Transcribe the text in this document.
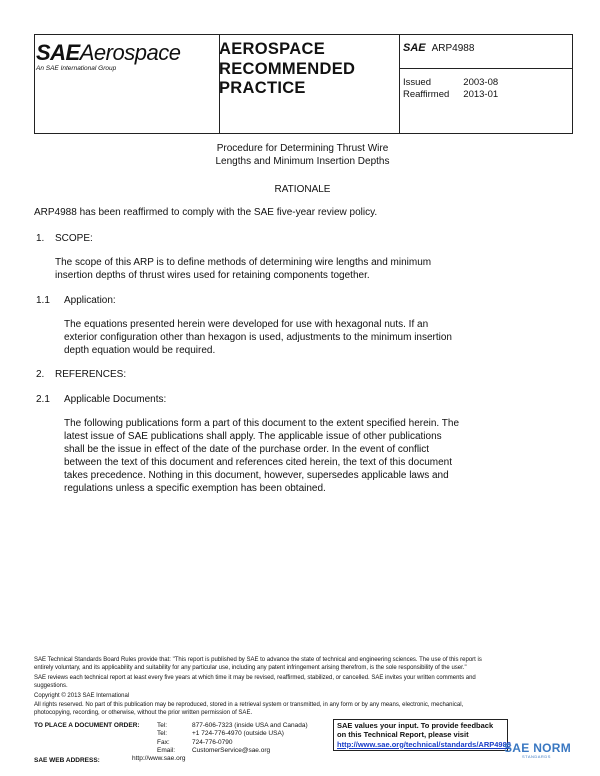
SAEAerospace
An SAE International Group
AEROSPACE
RECOMMENDED
PRACTICE
SAE ARP4988
Issued	2003-08
Reaffirmed	2013-01
Procedure for Determining Thrust Wire
Lengths and Minimum Insertion Depths
RATIONALE
ARP4988 has been reaffirmed to comply with the SAE five-year review policy.
1. SCOPE:
The scope of this ARP is to define methods of determining wire lengths and minimum
insertion depths of thrust wires used for retaining components together.
1.1 Application:
The equations presented herein were developed for use with hexagonal nuts. If an
exterior configuration other than hexagon is used, adjustments to the minimum insertion
depth equation would be required.
2. REFERENCES:
2.1 Applicable Documents:
The following publications form a part of this document to the extent specified herein. The
latest issue of SAE publications shall apply. The applicable issue of other publications
shall be the issue in effect of the date of the purchase order. In the event of conflict
between the text of this document and references cited herein, the text of this document
takes precedence. Nothing in this document, however, supersedes applicable laws and
regulations unless a specific exemption has been obtained.
SAE Technical Standards Board Rules provide that: "This report is published by SAE to advance the state of technical and engineering sciences. The use of this report is
entirely voluntary, and its applicability and suitability for any particular use, including any patent infringement arising therefrom, is the sole responsibility of the user."
SAE reviews each technical report at least every five years at which time it may be revised, reaffirmed, stabilized, or cancelled. SAE invites your written comments and
suggestions.
Copyright © 2013 SAE International
All rights reserved. No part of this publication may be reproduced, stored in a retrieval system or transmitted, in any form or by any means, electronic, mechanical,
photocopying, recording, or otherwise, without the prior written permission of SAE.
TO PLACE A DOCUMENT ORDER:	Tel:	877-606-7323 (inside USA and Canada)
	Tel:	+1 724-776-4970 (outside USA)
	Fax:	724-776-0790
	Email:	CustomerService@sae.org
SAE WEB ADDRESS:	http://www.sae.org
SAE values your input. To provide feedback
on this Technical Report, please visit
http://www.sae.org/technical/standards/ARP4988
SAE NORM
STANDARDS
